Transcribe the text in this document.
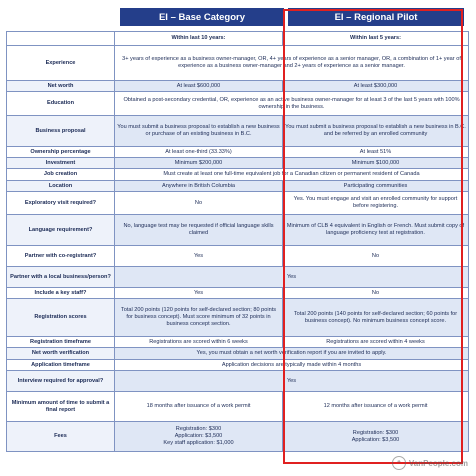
EI – Base Category	EI – Regional Pilot
	Within last 10 years:	Within last 5 years:
Experience	3+ years of experience as a business owner-manager, OR, 4+ years of experience as a senior manager, OR, a combination of 1+ year of experience as a business owner-manager and 2+ years of experience as a senior manager.	
Net worth	At least $600,000	At least $300,000
Education	Obtained a post-secondary credential, OR, experience as an active business owner-manager for at least 3 of the last 5 years with 100% ownership in the business.	
Business proposal	You must submit a business proposal to establish a new business or purchase of an existing business in B.C.	You must submit a business proposal to establish a new business in B.C. and be referred by an enrolled community
Ownership percentage	At least one-third (33.33%)	At least 51%
Investment	Minimum $200,000	Minimum $100,000
Job creation	Must create at least one full-time equivalent job for a Canadian citizen or permanent resident of Canada	
Location	Anywhere in British Columbia	Participating communities
Exploratory visit required?	No	Yes. You must engage and visit an enrolled community for support before registering.
Language requirement?	No, language test may be requested if official language skills claimed	Minimum of CLB 4 equivalent in English or French. Must submit copy of language proficiency test at registration.
Partner with co-registrant?	Yes	No
Partner with a local business/person?	Yes	
Include a key staff?	Yes	No
Registration scores	Total 200 points (120 points for self-declared section; 80 points for business concept). Must score minimum of 32 points in business concept section.	Total 200 points (140 points for self-declared section; 60 points for business concept). No minimum business concept score.
Registration timeframe	Registrations are scored within 6 weeks	Registrations are scored within 4 weeks
Net worth verification	Yes, you must obtain a net worth verification report if you are invited to apply.	
Application timeframe	Application decisions are typically made within 4 months	
Interview required for approval?	Yes	
Minimum amount of time to submit a final report	18 months after issuance of a work permit	12 months after issuance of a work permit
Fees	Registration: $300
Application: $3,500
Key staff application: $1,000	Registration: $300
Application: $3,500
❝	VanPeople.com
